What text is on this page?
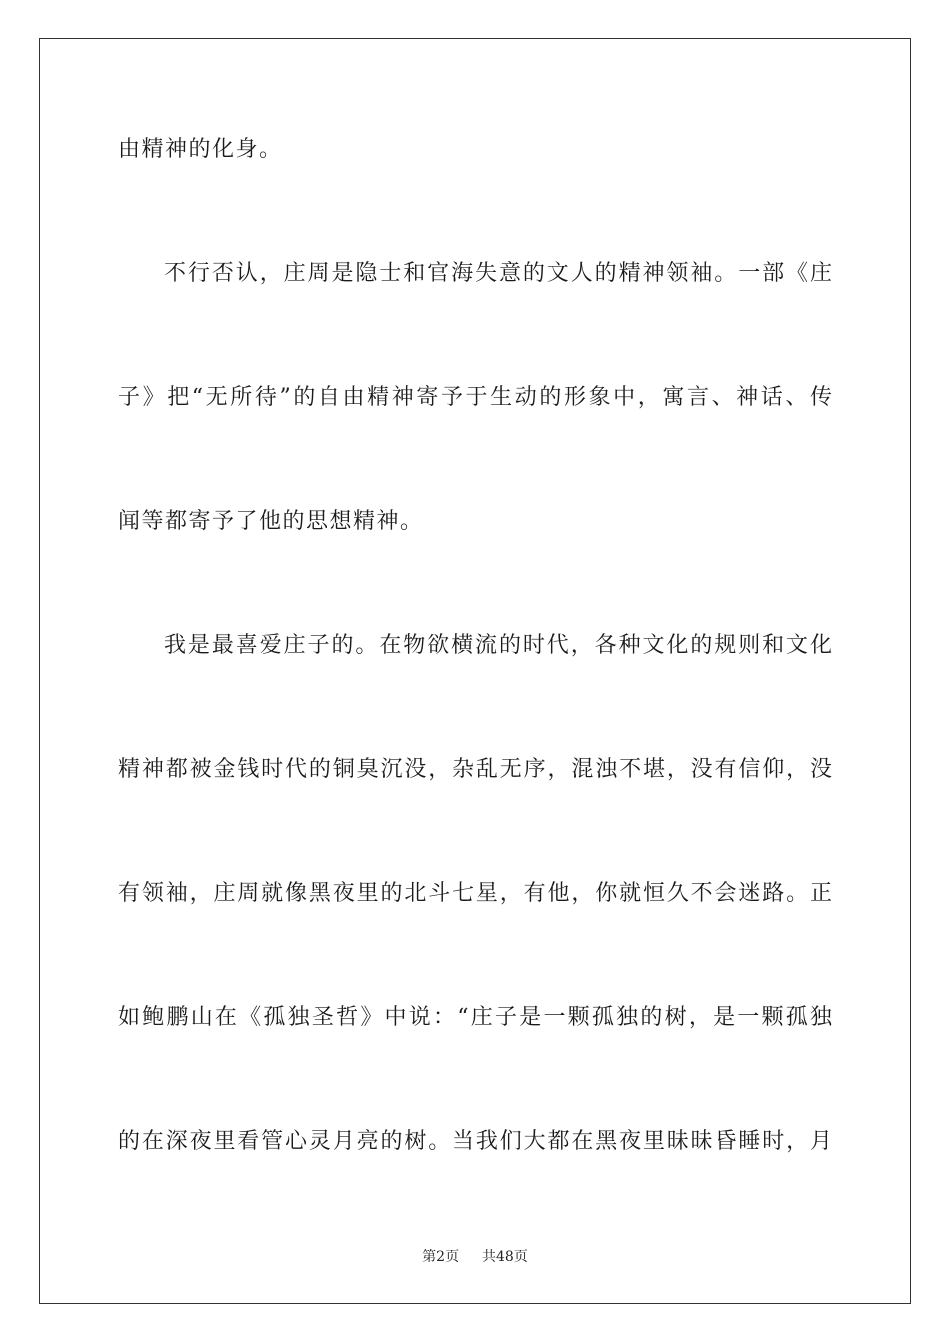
由精神的化身。
不行否认，庄周是隐士和官海失意的文人的精神领袖。一部《庄
子》把“无所待”的自由精神寄予于生动的形象中，寓言、神话、传
闻等都寄予了他的思想精神。
我是最喜爱庄子的。在物欲横流的时代，各种文化的规则和文化
精神都被金钱时代的铜臭沉没，杂乱无序，混浊不堪，没有信仰，没
有领袖，庄周就像黑夜里的北斗七星，有他，你就恒久不会迷路。正
如鲍鹏山在《孤独圣哲》中说：“庄子是一颗孤独的树，是一颗孤独
的在深夜里看管心灵月亮的树。当我们大都在黑夜里昧昧昏睡时，月
第2页 共48页
